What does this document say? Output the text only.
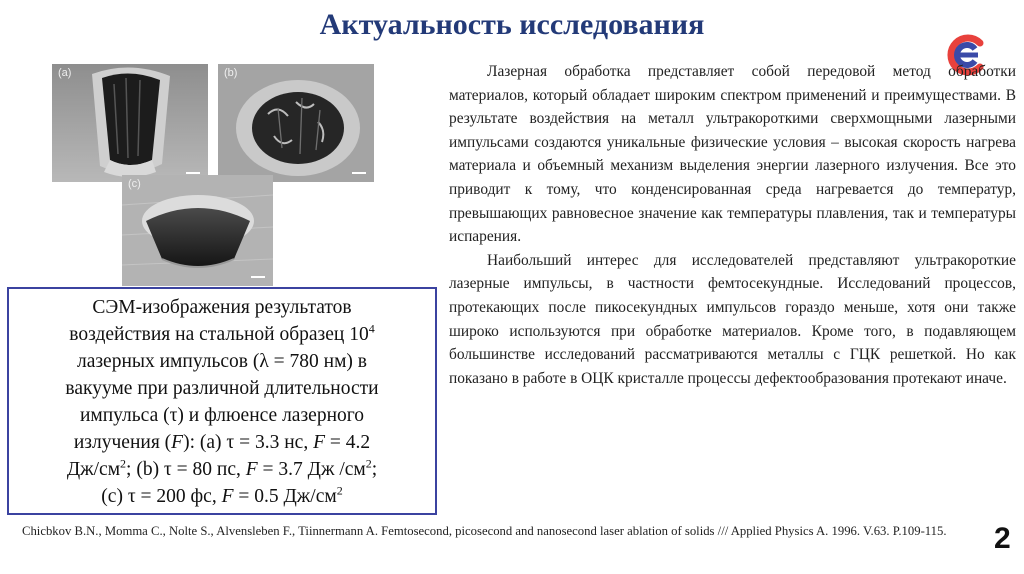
Актуальность исследования
(a)	(b)
(c)
СЭМ-изображения результатов
воздействия на стальной образец $10^4$
лазерных импульсов (λ = 780 нм) в
вакууме при различной длительности
импульса (τ) и флюенсе лазерного
излучения (F): (a) τ = 3.3 нс, F = 4.2
$Дж/см^2$; (b) τ = 80 пс, F = 3.7 Дж $/см^2$;
(c) τ = 200 фс, F = 0.5 $Дж/см^2$

Лазерная обработка представляет собой передовой метод обработки материалов, который обладает широким спектром применений и преимуществами. В результате воздействия на металл ультракороткими сверхмощными лазерными импульсами создаются уникальные физические условия – высокая скорость нагрева материала и объемный механизм выделения энергии лазерного излучения. Все это приводит к тому, что конденсированная среда нагревается до температур, превышающих равновесное значение как температуры плавления, так и температуры испарения.

Наибольший интерес для исследователей представляют ультракороткие лазерные импульсы, в частности фемтосекундные. Исследований процессов, протекающих после пикосекундных импульсов гораздо меньше, хотя они также широко используются при обработке материалов. Кроме того, в подавляющем большинстве исследований рассматриваются металлы с ГЦК решеткой. Но как показано в работе в ОЦК кристалле процессы дефектообразования протекают иначе.

Chicbkov B.N., Momma C., Nolte S., Alvensleben F., Tiinnermann A. Femtosecond, picosecond and nanosecond laser ablation of solids /// Applied Physics A. 1996. V.63. P.109-115.	2
